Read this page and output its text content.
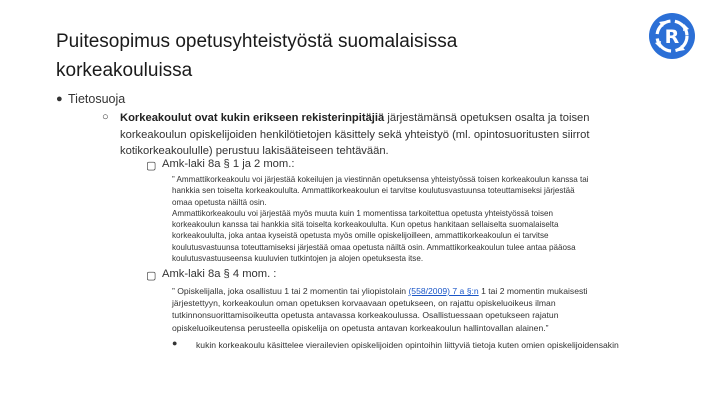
Puitesopimus opetusyhteistyöstä suomalaisissa
korkeakouluissa
R
● Tietosuoja
○ Korkeakoulut ovat kukin erikseen rekisterinpitäjiä järjestämänsä opetuksen osalta ja toisen korkeakoulun opiskelijoiden henkilötietojen käsittely sekä yhteistyö (ml. opintosuoritusten siirrot kotikorkeakoululle) perustuu lakisääteiseen tehtävään.
▢ Amk-laki 8a § 1 ja 2 mom.:
” Ammattikorkeakoulu voi järjestää kokeilujen ja viestinnän opetuksensa yhteistyössä toisen korkeakoulun kanssa tai
hankkia sen toiselta korkeakoululta. Ammattikorkeakoulun ei tarvitse koulutusvastuunsa toteuttamiseksi järjestää
omaa opetusta näiltä osin.
Ammattikorkeakoulu voi järjestää myös muuta kuin 1 momentissa tarkoitettua opetusta yhteistyössä toisen
korkeakoulun kanssa tai hankkia sitä toiselta korkeakoululta. Kun opetus hankitaan sellaiselta suomalaiselta
korkeakoululta, joka antaa kyseistä opetusta myös omille opiskelijoilleen, ammattikorkeakoulun ei tarvitse
koulutusvastuunsa toteuttamiseksi järjestää omaa opetusta näiltä osin. Ammattikorkeakoulun tulee antaa pääosa
koulutusvastuuseensa kuuluvien tutkintojen ja alojen opetuksesta itse.
▢ Amk-laki 8a § 4 mom. :
” Opiskelijalla, joka osallistuu 1 tai 2 momentin tai yliopistolain (558/2009) 7 a §:n 1 tai 2 momentin mukaisesti
järjestettyyn, korkeakoulun oman opetuksen korvaavaan opetukseen, on rajattu opiskeluoikeus ilman
tutkinnonsuorittamisoikeutta opetusta antavassa korkeakoulussa. Osallistuessaan opetukseen rajatun
opiskeluoikeutensa perusteella opiskelija on opetusta antavan korkeakoulun hallintovallan alainen.”
● kukin korkeakoulu käsittelee vierailevien opiskelijoiden opintoihin liittyviä tietoja kuten omien opiskelijoidensakin
